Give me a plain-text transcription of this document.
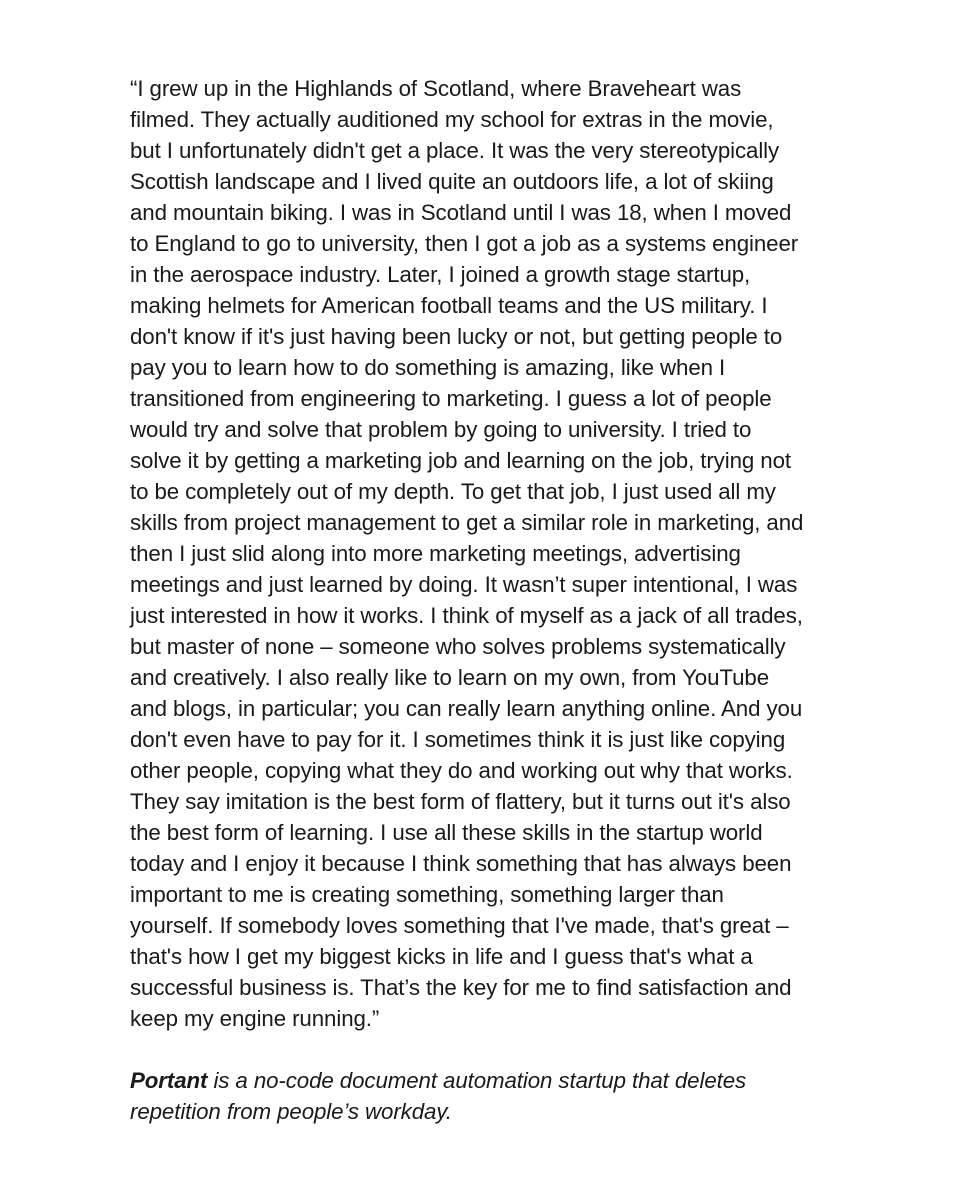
“I grew up in the Highlands of Scotland, where Braveheart was
filmed. They actually auditioned my school for extras in the movie,
but I unfortunately didn't get a place. It was the very stereotypically
Scottish landscape and I lived quite an outdoors life, a lot of skiing
and mountain biking. I was in Scotland until I was 18, when I moved
to England to go to university, then I got a job as a systems engineer
in the aerospace industry. Later, I joined a growth stage startup,
making helmets for American football teams and the US military. I
don't know if it's just having been lucky or not, but getting people to
pay you to learn how to do something is amazing, like when I
transitioned from engineering to marketing. I guess a lot of people
would try and solve that problem by going to university. I tried to
solve it by getting a marketing job and learning on the job, trying not
to be completely out of my depth. To get that job, I just used all my
skills from project management to get a similar role in marketing, and
then I just slid along into more marketing meetings, advertising
meetings and just learned by doing. It wasn’t super intentional, I was
just interested in how it works. I think of myself as a jack of all trades,
but master of none – someone who solves problems systematically
and creatively. I also really like to learn on my own, from YouTube
and blogs, in particular; you can really learn anything online. And you
don't even have to pay for it. I sometimes think it is just like copying
other people, copying what they do and working out why that works.
They say imitation is the best form of flattery, but it turns out it's also
the best form of learning. I use all these skills in the startup world
today and I enjoy it because I think something that has always been
important to me is creating something, something larger than
yourself. If somebody loves something that I've made, that's great –
that's how I get my biggest kicks in life and I guess that's what a
successful business is. That’s the key for me to find satisfaction and
keep my engine running.”

Portant is a no-code document automation startup that deletes
repetition from people’s workday.
